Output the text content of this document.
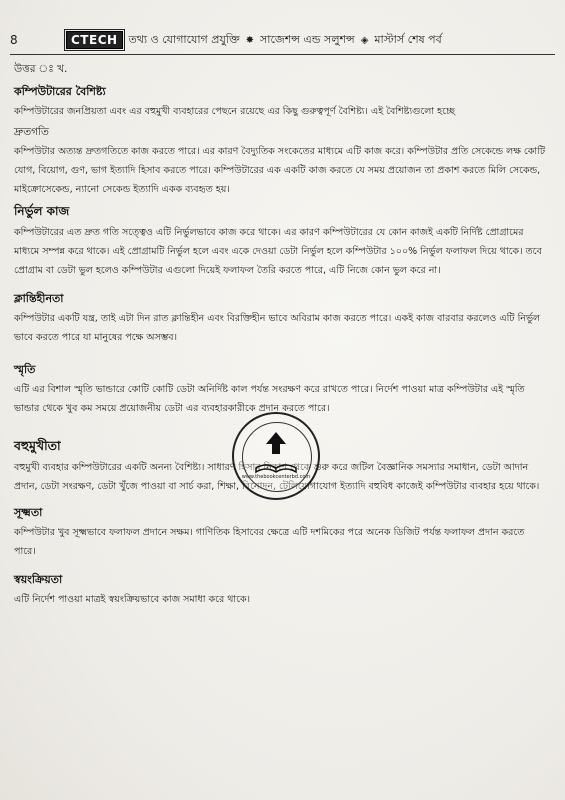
8	CTECH	তথ্য ও যোগাযোগ প্রযুক্তি ✸ সাজেশন্স এন্ড সলুশন্স ◈ মাস্টার্স শেষ পর্ব
উত্তর ঃ খ.
কম্পিউটারের বৈশিষ্ট্য

কম্পিউটারের জনপ্রিয়তা এবং এর বহুমুখী ব্যবহারের পেছনে রয়েছে এর কিছু গুরুত্বপূর্ণ বৈশিষ্ট্য। এই বৈশিষ্ট্যগুলো হচ্ছে

দ্রুতগতি

কম্পিউটার অত্যন্ত দ্রুতগতিতে কাজ করতে পারে। এর কারণ বৈদ্যুতিক সংকেতের মাধ্যমে এটি কাজ করে। কম্পিউটার প্রতি সেকেন্ডে লক্ষ কোটি যোগ, বিয়োগ, গুণ, ভাগ ইত্যাদি হিসাব করতে পারে। কম্পিউটারের এক একটি কাজ করতে যে সময় প্রয়োজন তা প্রকাশ করতে মিলি সেকেন্ড, মাইক্রোসেকেন্ড, ন্যানো সেকেন্ড ইত্যাদি একক ব্যবহৃত হয়।

নির্ভুল কাজ

কম্পিউটারের এত দ্রুত গতি সত্ত্বেও এটি নির্ভুলভাবে কাজ করে থাকে। এর কারণ কম্পিউটারের যে কোন কাজই একটি নির্দিষ্ট প্রোগ্রামের মাধ্যমে সম্পন্ন করে থাকে। এই প্রোগ্রামটি নির্ভুল হলে এবং একে দেওয়া ডেটা নির্ভুল হলে কম্পিউটার ১০০% নির্ভুল ফলাফল দিয়ে থাকে। তবে প্রোগ্রাম বা ডেটা ভুল হলেও কম্পিউটার এগুলো দিয়েই ফলাফল তৈরি করতে পারে, এটি নিজে কোন ভুল করে না।

ক্লান্তিহীনতা

কম্পিউটার একটি যন্ত্র, তাই এটা দিন রাত ক্লান্তিহীন এবং বিরক্তিহীন ভাবে অবিরাম কাজ করতে পারে। একই কাজ বারবার করলেও এটি নির্ভুল ভাবে করতে পারে যা মানুষের পক্ষে অসম্ভব।

স্মৃতি

এটি এর বিশাল স্মৃতি ভান্ডারে কোটি কোটি ডেটা অনির্দিষ্ট কাল পর্যন্ত সংরক্ষণ করে রাখতে পারে। নির্দেশ পাওয়া মাত্র কম্পিউটার এই স্মৃতি ভান্ডার থেকে খুব কম সময়ে প্রয়োজনীয় ডেটা এর ব্যবহারকারীকে প্রদান করতে পারে।

বহুমুখীতা

বহুমুখী ব্যবহার কম্পিউটারের একটি অনন্য বৈশিষ্ট্য। সাধারণ হিসাব নিকাশ থেকে শুরু করে জটিল বৈজ্ঞানিক সমস্যার সমাধান, ডেটা আদান প্রদান, ডেটা সংরক্ষণ, ডেটা খুঁজে পাওয়া বা সার্চ করা, শিক্ষা, বিনোদন, টেলিযোগাযোগ ইত্যাদি বহুবিধ কাজেই কম্পিউটার ব্যবহার হয়ে থাকে।

সূক্ষ্মতা

কম্পিউটার খুব সূক্ষ্মভাবে ফলাফল প্রদানে সক্ষম। গাণিতিক হিসাবের ক্ষেত্রে এটি দশমিকের পরে অনেক ডিজিট পর্যন্ত ফলাফল প্রদান করতে পারে।

স্বয়ংক্রিয়তা

এটি নির্দেশ পাওয়া মাত্রই স্বয়ংক্রিয়ভাবে কাজ সমাধা করে থাকে।

www.thebookcenterbd.com
